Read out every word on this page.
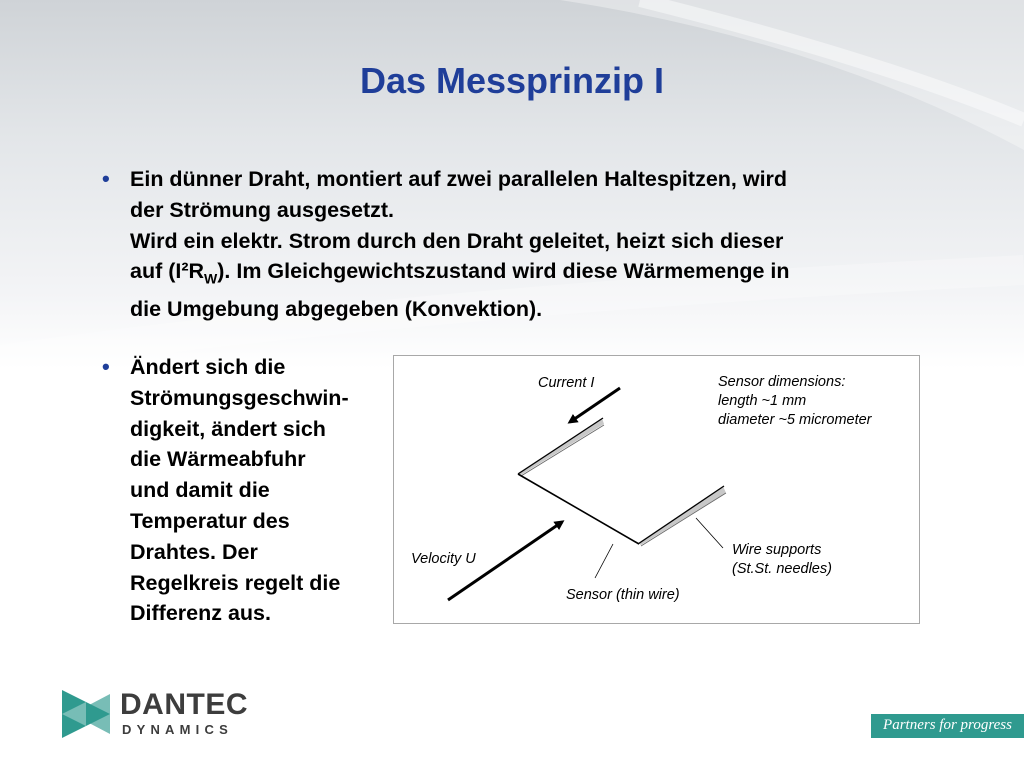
Das Messprinzip I
• Ein dünner Draht, montiert auf zwei parallelen Haltespitzen, wird
der Strömung ausgesetzt.
Wird ein elektr. Strom durch den Draht geleitet, heizt sich dieser
auf $(I^2R_W)$. Im Gleichgewichtszustand wird diese Wärmemenge in
die Umgebung abgegeben (Konvektion).
• Ändert sich die
Strömungsgeschwin-
digkeit, ändert sich
die Wärmeabfuhr
und damit die
Temperatur des
Drahtes. Der
Regelkreis regelt die
Differenz aus.
Current I	Sensor dimensions:
length ~1 mm
diameter ~5 micrometer
Velocity U
Sensor (thin wire)
Wire supports
(St.St. needles)
DANTEC
DYNAMICS	Partners for progress
